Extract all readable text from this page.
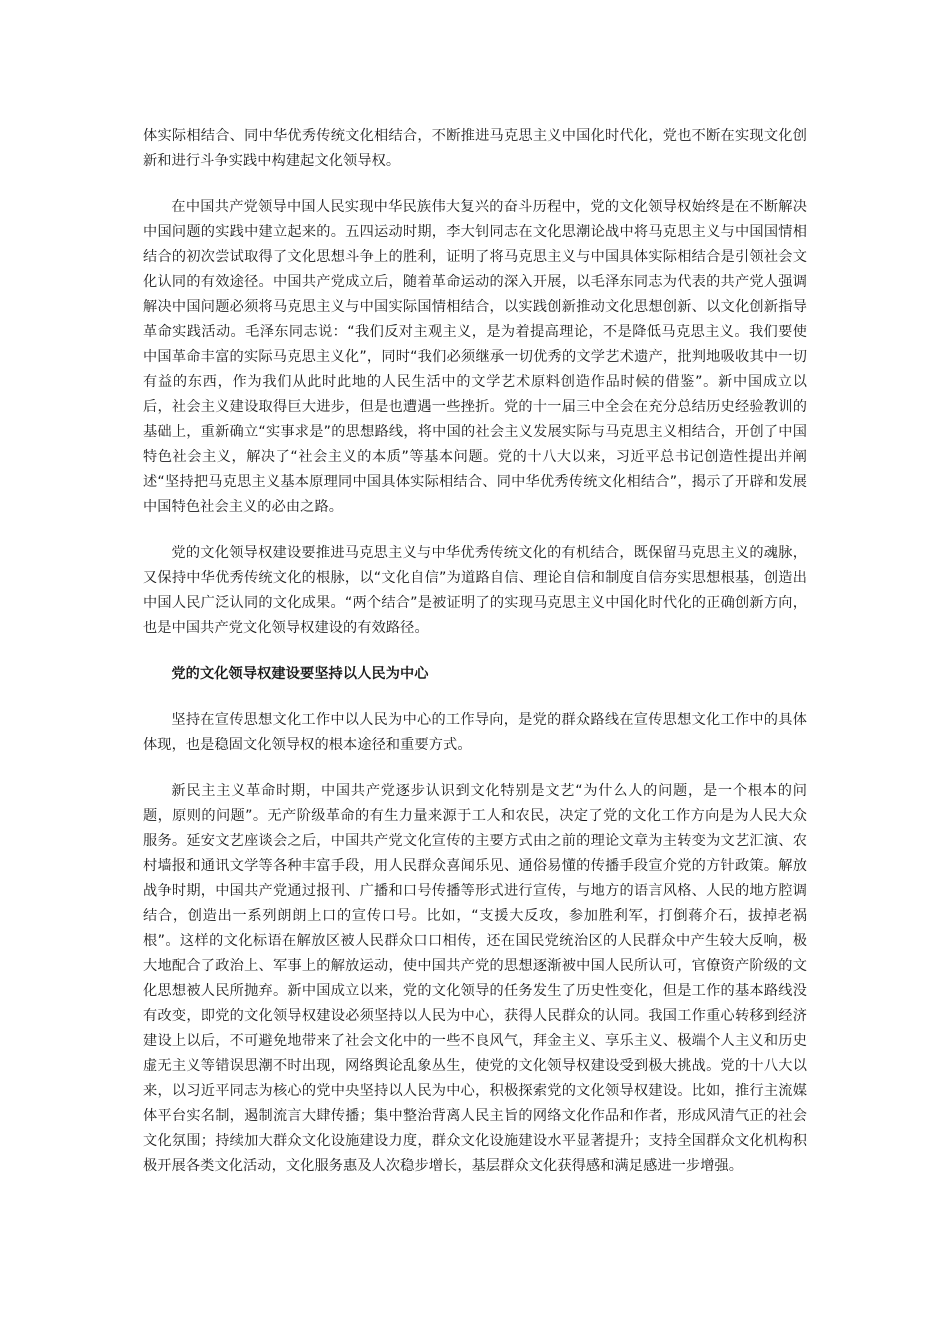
体实际相结合、同中华优秀传统文化相结合，不断推进马克思主义中国化时代化，党也不断在实现文化创新和进行斗争实践中构建起文化领导权。

在中国共产党领导中国人民实现中华民族伟大复兴的奋斗历程中，党的文化领导权始终是在不断解决中国问题的实践中建立起来的。五四运动时期，李大钊同志在文化思潮论战中将马克思主义与中国国情相结合的初次尝试取得了文化思想斗争上的胜利，证明了将马克思主义与中国具体实际相结合是引领社会文化认同的有效途径。中国共产党成立后，随着革命运动的深入开展，以毛泽东同志为代表的共产党人强调解决中国问题必须将马克思主义与中国实际国情相结合，以实践创新推动文化思想创新、以文化创新指导革命实践活动。毛泽东同志说：“我们反对主观主义，是为着提高理论，不是降低马克思主义。我们要使中国革命丰富的实际马克思主义化”，同时“我们必须继承一切优秀的文学艺术遗产，批判地吸收其中一切有益的东西，作为我们从此时此地的人民生活中的文学艺术原料创造作品时候的借鉴”。新中国成立以后，社会主义建设取得巨大进步，但是也遭遇一些挫折。党的十一届三中全会在充分总结历史经验教训的基础上，重新确立“实事求是”的思想路线，将中国的社会主义发展实际与马克思主义相结合，开创了中国特色社会主义，解决了“社会主义的本质”等基本问题。党的十八大以来，习近平总书记创造性提出并阐述“坚持把马克思主义基本原理同中国具体实际相结合、同中华优秀传统文化相结合”，揭示了开辟和发展中国特色社会主义的必由之路。

党的文化领导权建设要推进马克思主义与中华优秀传统文化的有机结合，既保留马克思主义的魂脉，又保持中华优秀传统文化的根脉，以“文化自信”为道路自信、理论自信和制度自信夯实思想根基，创造出中国人民广泛认同的文化成果。“两个结合”是被证明了的实现马克思主义中国化时代化的正确创新方向，也是中国共产党文化领导权建设的有效路径。

党的文化领导权建设要坚持以人民为中心

坚持在宣传思想文化工作中以人民为中心的工作导向，是党的群众路线在宣传思想文化工作中的具体体现，也是稳固文化领导权的根本途径和重要方式。

新民主主义革命时期，中国共产党逐步认识到文化特别是文艺“为什么人的问题，是一个根本的问题，原则的问题”。无产阶级革命的有生力量来源于工人和农民，决定了党的文化工作方向是为人民大众服务。延安文艺座谈会之后，中国共产党文化宣传的主要方式由之前的理论文章为主转变为文艺汇演、农村墙报和通讯文学等各种丰富手段，用人民群众喜闻乐见、通俗易懂的传播手段宣介党的方针政策。解放战争时期，中国共产党通过报刊、广播和口号传播等形式进行宣传，与地方的语言风格、人民的地方腔调结合，创造出一系列朗朗上口的宣传口号。比如，“支援大反攻，参加胜利军，打倒蒋介石，拔掉老祸根”。这样的文化标语在解放区被人民群众口口相传，还在国民党统治区的人民群众中产生较大反响，极大地配合了政治上、军事上的解放运动，使中国共产党的思想逐渐被中国人民所认可，官僚资产阶级的文化思想被人民所抛弃。新中国成立以来，党的文化领导的任务发生了历史性变化，但是工作的基本路线没有改变，即党的文化领导权建设必须坚持以人民为中心，获得人民群众的认同。我国工作重心转移到经济建设上以后，不可避免地带来了社会文化中的一些不良风气，拜金主义、享乐主义、极端个人主义和历史虚无主义等错误思潮不时出现，网络舆论乱象丛生，使党的文化领导权建设受到极大挑战。党的十八大以来，以习近平同志为核心的党中央坚持以人民为中心，积极探索党的文化领导权建设。比如，推行主流媒体平台实名制，遏制流言大肆传播；集中整治背离人民主旨的网络文化作品和作者，形成风清气正的社会文化氛围；持续加大群众文化设施建设力度，群众文化设施建设水平显著提升；支持全国群众文化机构积极开展各类文化活动，文化服务惠及人次稳步增长，基层群众文化获得感和满足感进一步增强。
